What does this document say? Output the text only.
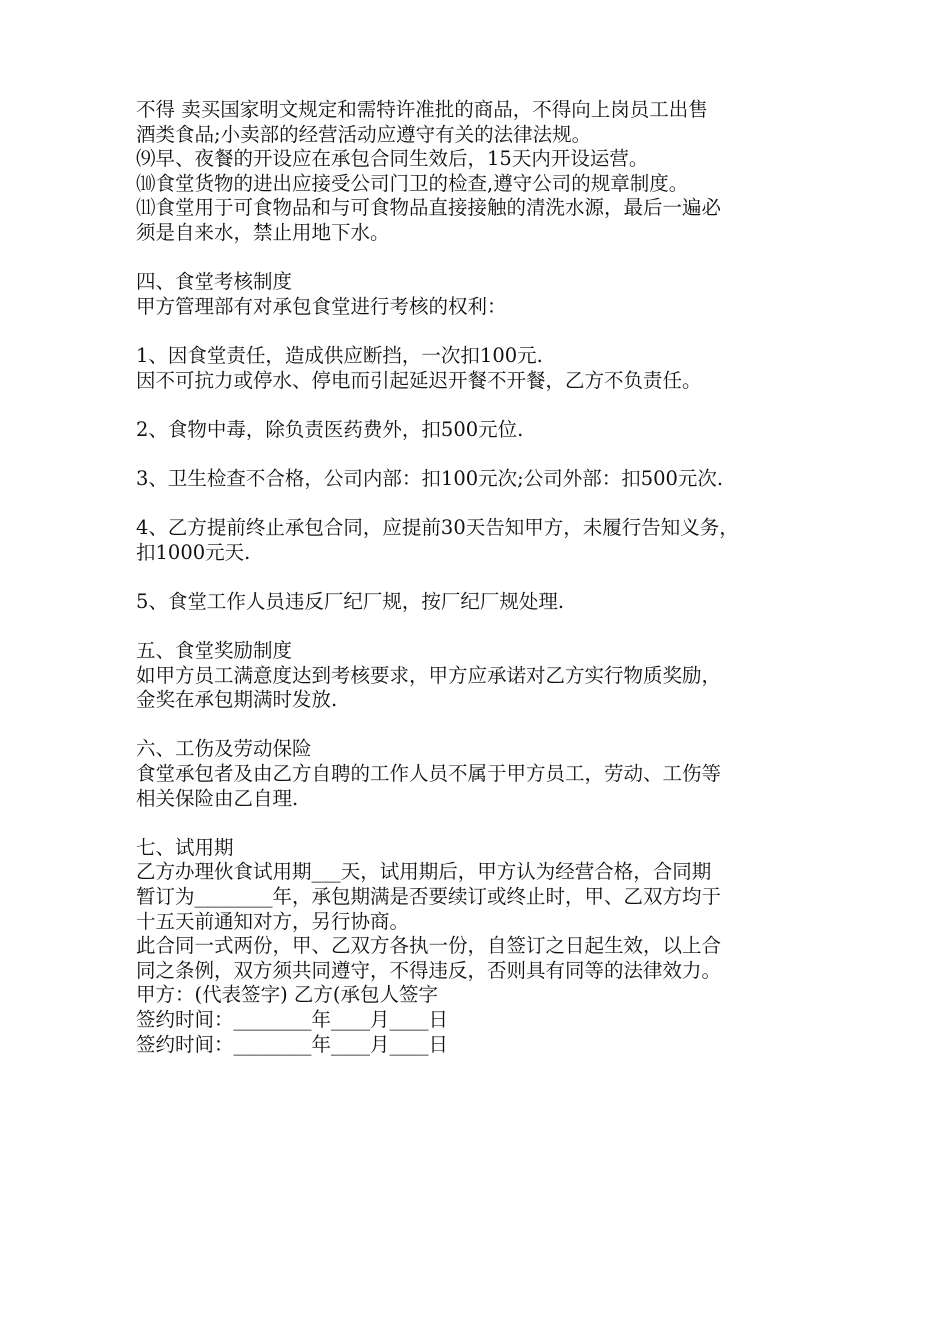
不得 卖买国家明文规定和需特许准批的商品，不得向上岗员工出售
酒类食品;小卖部的经营活动应遵守有关的法律法规。
⑼早、夜餐的开设应在承包合同生效后，15天内开设运营。
⑽食堂货物的进出应接受公司门卫的检查,遵守公司的规章制度。
⑾食堂用于可食物品和与可食物品直接接触的清洗水源，最后一遍必
须是自来水，禁止用地下水。
四、食堂考核制度
甲方管理部有对承包食堂进行考核的权利：
1、因食堂责任，造成供应断挡，一次扣100元.
因不可抗力或停水、停电而引起延迟开餐不开餐，乙方不负责任。
2、食物中毒，除负责医药费外，扣500元位.
3、卫生检查不合格，公司内部：扣100元次;公司外部：扣500元次.
4、乙方提前终止承包合同，应提前30天告知甲方，未履行告知义务，
扣1000元天.
5、食堂工作人员违反厂纪厂规，按厂纪厂规处理.
五、食堂奖励制度
如甲方员工满意度达到考核要求，甲方应承诺对乙方实行物质奖励，
金奖在承包期满时发放.
六、工伤及劳动保险
食堂承包者及由乙方自聘的工作人员不属于甲方员工，劳动、工伤等
相关保险由乙自理.
七、试用期
乙方办理伙食试用期___天，试用期后，甲方认为经营合格，合同期
暂订为________年，承包期满是否要续订或终止时，甲、乙双方均于
十五天前通知对方，另行协商。
此合同一式两份，甲、乙双方各执一份，自签订之日起生效，以上合
同之条例，双方须共同遵守，不得违反，否则具有同等的法律效力。
甲方：(代表签字) 乙方(承包人签字
签约时间：________年____月____日
签约时间：________年____月____日
